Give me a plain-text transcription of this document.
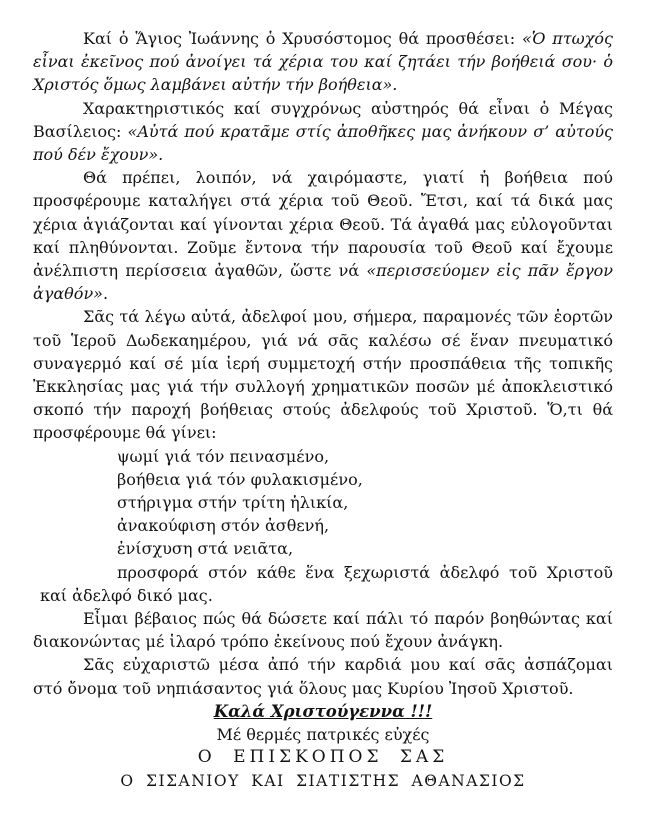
Καί ὁ Ἅγιος Ἰωάννης ὁ Χρυσόστομος θά προσθέσει: «Ὁ πτωχός εἶναι ἐκεῖνος πού ἀνοίγει τά χέρια του καί ζητάει τήν βοήθειά σου· ὁ Χριστός ὅμως λαμβάνει αὐτήν τήν βοήθεια».

Χαρακτηριστικός καί συγχρόνως αὐστηρός θά εἶναι ὁ Μέγας Βασίλειος: «Αὐτά πού κρατᾶμε στίς ἀποθῆκες μας ἀνήκουν σ’ αὐτούς πού δέν ἔχουν».

Θά πρέπει, λοιπόν, νά χαιρόμαστε, γιατί ἡ βοήθεια πού προσφέρουμε καταλήγει στά χέρια τοῦ Θεοῦ. Ἔτσι, καί τά δικά μας χέρια ἁγιάζονται καί γίνονται χέρια Θεοῦ. Τά ἀγαθά μας εὐλογοῦνται καί πληθύνονται. Ζοῦμε ἔντονα τήν παρουσία τοῦ Θεοῦ καί ἔχουμε ἀνέλπιστη περίσσεια ἀγαθῶν, ὥστε νά «περισσεύομεν εἰς πᾶν ἔργον ἀγαθόν».

Σᾶς τά λέγω αὐτά, ἀδελφοί μου, σήμερα, παραμονές τῶν ἑορτῶν τοῦ Ἱεροῦ Δωδεκαημέρου, γιά νά σᾶς καλέσω σέ ἕναν πνευματικό συναγερμό καί σέ μία ἱερή συμμετοχή στήν προσπάθεια τῆς τοπικῆς Ἐκκλησίας μας γιά τήν συλλογή χρηματικῶν ποσῶν μέ ἀποκλειστικό σκοπό τήν παροχή βοήθειας στούς ἀδελφούς τοῦ Χριστοῦ. Ὅ,τι θά προσφέρουμε θά γίνει:

ψωμί γιά τόν πεινασμένο,

βοήθεια γιά τόν φυλακισμένο,

στήριγμα στήν τρίτη ἡλικία,

ἀνακούφιση στόν ἀσθενή,

ἐνίσχυση στά νειᾶτα,

προσφορά στόν κάθε ἕνα ξεχωριστά ἀδελφό τοῦ Χριστοῦ καί ἀδελφό δικό μας.

Εἶμαι βέβαιος πώς θά δώσετε καί πάλι τό παρόν βοηθώντας καί διακονώντας μέ ἱλαρό τρόπο ἐκείνους πού ἔχουν ἀνάγκη.

Σᾶς εὐχαριστῶ μέσα ἀπό τήν καρδιά μου καί σᾶς ἀσπάζομαι στό ὄνομα τοῦ νηπιάσαντος γιά ὅλους μας Κυρίου Ἰησοῦ Χριστοῦ.

Καλά Χριστούγεννα !!!

Μέ θερμές πατρικές εὐχές

Ο ΕΠΙΣΚΟΠΟΣ ΣΑΣ

Ο ΣΙΣΑΝΙΟΥ ΚΑΙ ΣΙΑΤΙΣΤΗΣ ΑΘΑΝΑΣΙΟΣ
